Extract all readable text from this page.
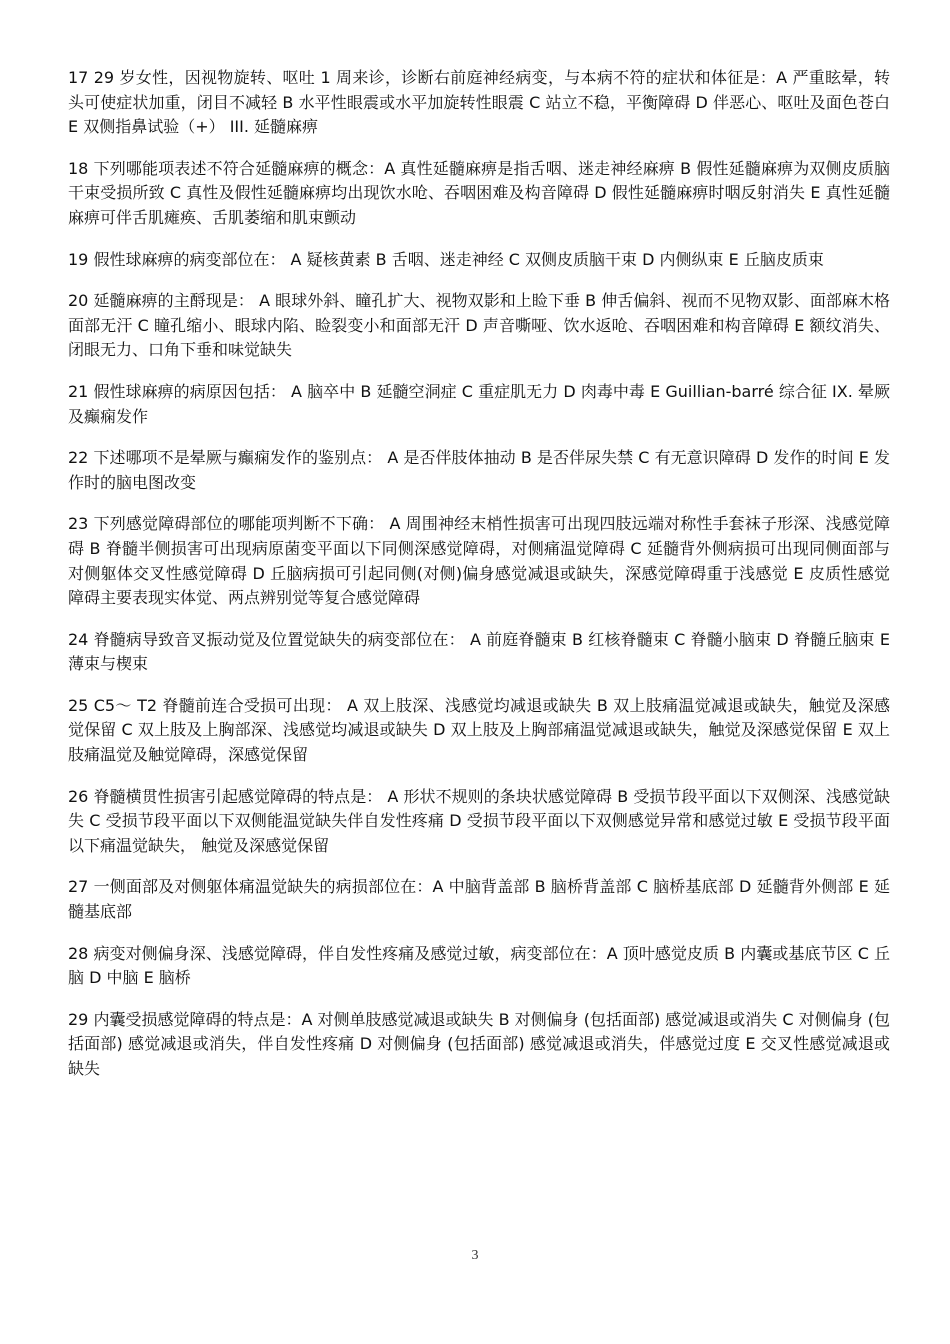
17 29 岁女性，因视物旋转、呕吐 1 周来诊，诊断右前庭神经病变，与本病不符的症状和体征是：A 严重眩晕，转头可使症状加重，闭目不减轻 B 水平性眼震或水平加旋转性眼震 C 站立不稳，平衡障碍 D 伴恶心、呕吐及面色苍白 E 双侧指鼻试验（+） III. 延髓麻痹

18 下列哪能项表述不符合延髓麻痹的概念：A 真性延髓麻痹是指舌咽、迷走神经麻痹 B 假性延髓麻痹为双侧皮质脑干束受损所致 C 真性及假性延髓麻痹均出现饮水呛、吞咽困难及构音障碍 D 假性延髓麻痹时咽反射消失 E 真性延髓麻痹可伴舌肌瘫痪、舌肌萎缩和肌束颤动

19 假性球麻痹的病变部位在： A 疑核黄素 B 舌咽、迷走神经 C 双侧皮质脑干束 D 内侧纵束 E 丘脑皮质束

20 延髓麻痹的主酹现是： A 眼球外斜、瞳孔扩大、视物双影和上睑下垂 B 伸舌偏斜、视而不见物双影、面部麻木格面部无汗 C 瞳孔缩小、眼球内陷、睑裂变小和面部无汗 D 声音嘶哑、饮水返呛、吞咽困难和构音障碍 E 额纹消失、闭眼无力、口角下垂和味觉缺失

21 假性球麻痹的病原因包括： A 脑卒中 B 延髓空洞症 C 重症肌无力 D 肉毒中毒 E Guillian-barré 综合征 IX. 晕厥及癫痫发作

22 下述哪项不是晕厥与癫痫发作的鉴别点： A 是否伴肢体抽动 B 是否伴尿失禁 C 有无意识障碍 D 发作的时间 E 发作时的脑电图改变

23 下列感觉障碍部位的哪能项判断不下确： A 周围神经末梢性损害可出现四肢远端对称性手套袜子形深、浅感觉障碍 B 脊髓半侧损害可出现病原菌变平面以下同侧深感觉障碍，对侧痛温觉障碍 C 延髓背外侧病损可出现同侧面部与对侧躯体交叉性感觉障碍 D 丘脑病损可引起同侧(对侧)偏身感觉减退或缺失，深感觉障碍重于浅感觉 E 皮质性感觉障碍主要表现实体觉、两点辨别觉等复合感觉障碍

24 脊髓病导致音叉振动觉及位置觉缺失的病变部位在： A 前庭脊髓束 B 红核脊髓束 C 脊髓小脑束 D 脊髓丘脑束 E 薄束与楔束

25 C5～ T2 脊髓前连合受损可出现： A 双上肢深、浅感觉均减退或缺失 B 双上肢痛温觉减退或缺失，触觉及深感觉保留 C 双上肢及上胸部深、浅感觉均减退或缺失 D 双上肢及上胸部痛温觉减退或缺失，触觉及深感觉保留 E 双上肢痛温觉及触觉障碍，深感觉保留

26 脊髓横贯性损害引起感觉障碍的特点是： A 形状不规则的条块状感觉障碍 B 受损节段平面以下双侧深、浅感觉缺失 C 受损节段平面以下双侧能温觉缺失伴自发性疼痛 D 受损节段平面以下双侧感觉异常和感觉过敏 E 受损节段平面以下痛温觉缺失， 触觉及深感觉保留

27 一侧面部及对侧躯体痛温觉缺失的病损部位在：A 中脑背盖部 B 脑桥背盖部 C 脑桥基底部 D 延髓背外侧部 E 延髓基底部

28 病变对侧偏身深、浅感觉障碍，伴自发性疼痛及感觉过敏，病变部位在：A 顶叶感觉皮质 B 内囊或基底节区 C 丘脑 D 中脑 E 脑桥

29 内囊受损感觉障碍的特点是：A 对侧单肢感觉减退或缺失 B 对侧偏身 (包括面部) 感觉减退或消失 C 对侧偏身 (包括面部) 感觉减退或消失，伴自发性疼痛 D 对侧偏身 (包括面部) 感觉减退或消失，伴感觉过度 E 交叉性感觉减退或缺失

3
